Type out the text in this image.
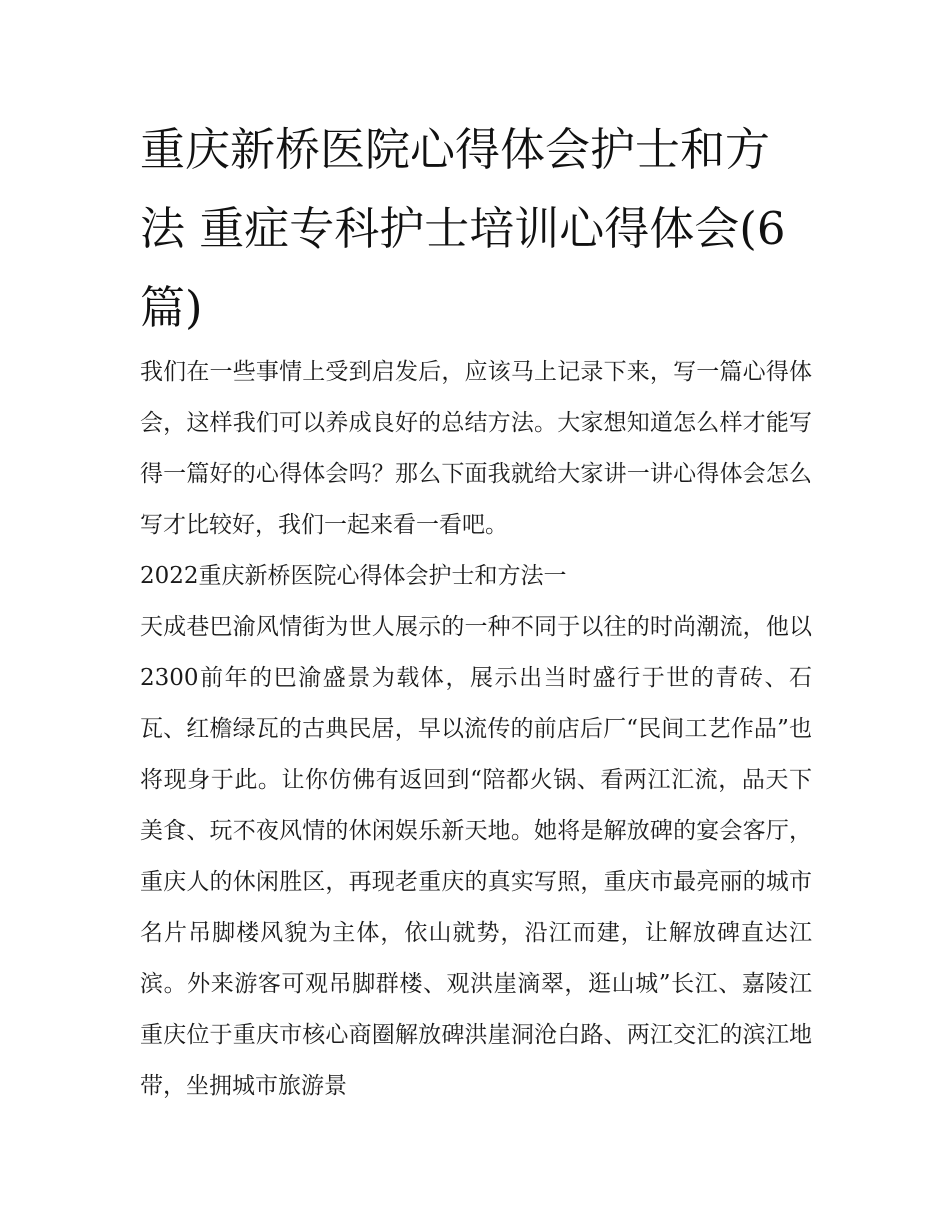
重庆新桥医院心得体会护士和方法 重症专科护士培训心得体会(6篇)

我们在一些事情上受到启发后，应该马上记录下来，写一篇心得体会，这样我们可以养成良好的总结方法。大家想知道怎么样才能写得一篇好的心得体会吗？那么下面我就给大家讲一讲心得体会怎么写才比较好，我们一起来看一看吧。

2022重庆新桥医院心得体会护士和方法一

天成巷巴渝风情街为世人展示的一种不同于以往的时尚潮流，他以2300前年的巴渝盛景为载体，展示出当时盛行于世的青砖、石瓦、红檐绿瓦的古典民居，早以流传的前店后厂“民间工艺作品”也将现身于此。让你仿佛有返回到“陪都火锅、看两江汇流，品天下美食、玩不夜风情的休闲娱乐新天地。她将是解放碑的宴会客厅，重庆人的休闲胜区，再现老重庆的真实写照，重庆市最亮丽的城市名片吊脚楼风貌为主体，依山就势，沿江而建，让解放碑直达江滨。外来游客可观吊脚群楼、观洪崖滴翠，逛山城”长江、嘉陵江重庆位于重庆市核心商圈解放碑洪崖洞沧白路、两江交汇的滨江地带，坐拥城市旅游景
